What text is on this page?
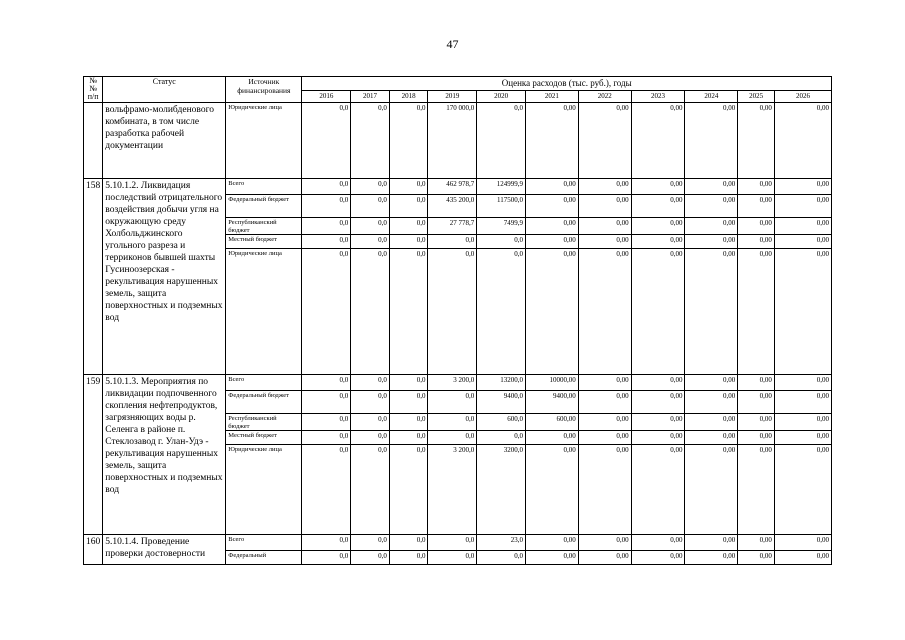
47
№
№
п/п	Статус	Источник финансирования	Оценка расходов (тыс. руб.), годы										
			2016	2017	2018	2019	2020	2021	2022	2023	2024	2025	2026
	вольфрамо-молибденового комбината, в том числе разработка рабочей документации	Юридические лица	0,0	0,0	0,0	170 000,0	0,0	0,00	0,00	0,00	0,00	0,00	0,00
158	5.10.1.2. Ликвидация последствий отрицательного воздействия добычи угля на окружающую среду Холбольджинского угольного разреза и терриконов бывшей шахты Гусиноозерская - рекультивация нарушенных земель, защита поверхностных и подземных вод	Всего	0,0	0,0	0,0	462 978,7	124999,9	0,00	0,00	0,00	0,00	0,00	0,00
		Федеральный бюджет	0,0	0,0	0,0	435 200,0	117500,0	0,00	0,00	0,00	0,00	0,00	0,00
		Республиканский бюджет	0,0	0,0	0,0	27 778,7	7499,9	0,00	0,00	0,00	0,00	0,00	0,00
		Местный бюджет	0,0	0,0	0,0	0,0	0,0	0,00	0,00	0,00	0,00	0,00	0,00
		Юридические лица	0,0	0,0	0,0	0,0	0,0	0,00	0,00	0,00	0,00	0,00	0,00
159	5.10.1.3. Мероприятия по ликвидации подпочвенного скопления нефтепродуктов, загрязняющих воды р. Селенга в районе п. Стеклозавод г. Улан-Удэ - рекультивация нарушенных земель, защита поверхностных и подземных вод	Всего	0,0	0,0	0,0	3 200,0	13200,0	10000,00	0,00	0,00	0,00	0,00	0,00
		Федеральный бюджет	0,0	0,0	0,0	0,0	9400,0	9400,00	0,00	0,00	0,00	0,00	0,00
		Республиканский бюджет	0,0	0,0	0,0	0,0	600,0	600,00	0,00	0,00	0,00	0,00	0,00
		Местный бюджет	0,0	0,0	0,0	0,0	0,0	0,00	0,00	0,00	0,00	0,00	0,00
		Юридические лица	0,0	0,0	0,0	3 200,0	3200,0	0,00	0,00	0,00	0,00	0,00	0,00
160	5.10.1.4. Проведение проверки достоверности	Всего	0,0	0,0	0,0	0,0	23,0	0,00	0,00	0,00	0,00	0,00	0,00
		Федеральный	0,0	0,0	0,0	0,0	0,0	0,00	0,00	0,00	0,00	0,00	0,00
